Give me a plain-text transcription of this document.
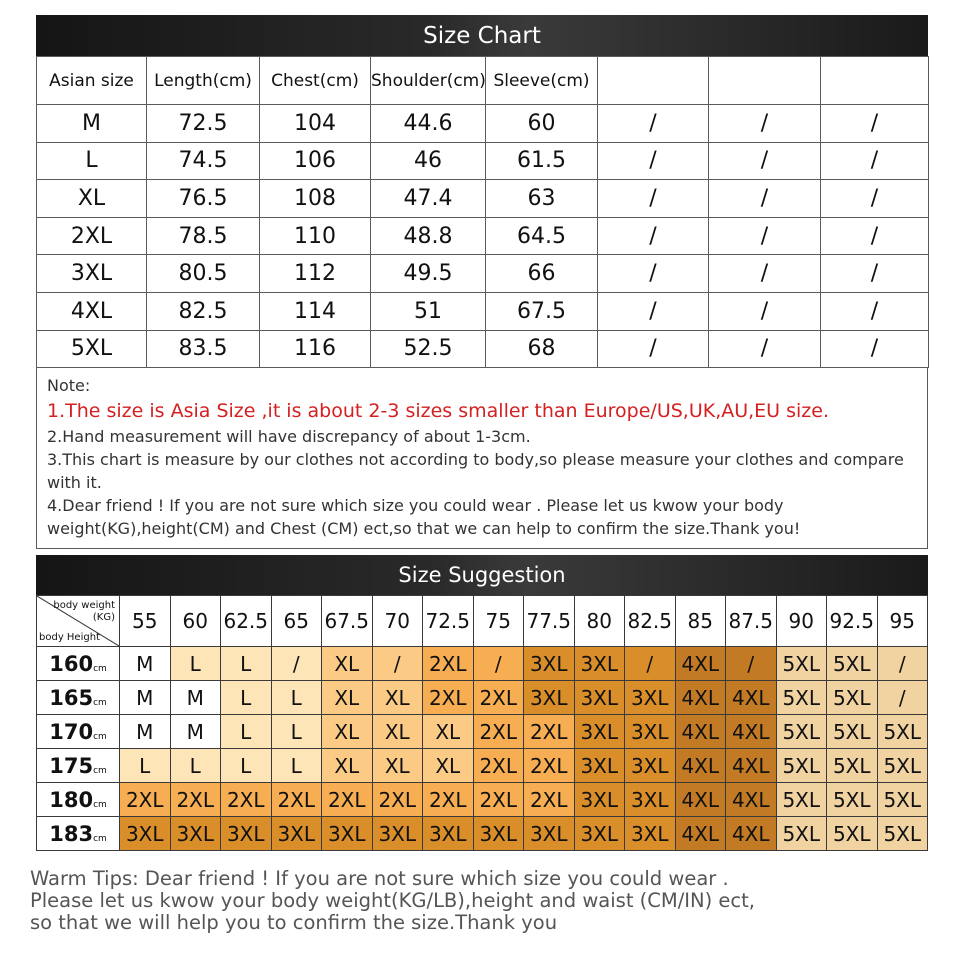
Size Chart
Asian size	Length(cm)	Chest(cm)	Shoulder(cm)	Sleeve(cm)			
M	72.5	104	44.6	60	/	/	/
L	74.5	106	46	61.5	/	/	/
XL	76.5	108	47.4	63	/	/	/
2XL	78.5	110	48.8	64.5	/	/	/
3XL	80.5	112	49.5	66	/	/	/
4XL	82.5	114	51	67.5	/	/	/
5XL	83.5	116	52.5	68	/	/	/
Note:
1.The size is Asia Size ,it is about 2-3 sizes smaller than Europe/US,UK,AU,EU size.
2.Hand measurement will have discrepancy of about 1-3cm.
3.This chart is measure by our clothes not according to body,so please measure your clothes and compare with it.
4.Dear friend ! If you are not sure which size you could wear . Please let us kwow your body weight(KG),height(CM) and Chest (CM) ect,so that we can help to confirm the size.Thank you!
Size Suggestion
body weight
(KG)
body Height	55	60	62.5	65	67.5	70	72.5	75	77.5	80	82.5	85	87.5	90	92.5	95
160cm	M	L	L	/	XL	/	2XL	/	3XL	3XL	/	4XL	/	5XL	5XL	/
165cm	M	M	L	L	XL	XL	2XL	2XL	3XL	3XL	3XL	4XL	4XL	5XL	5XL	/
170cm	M	M	L	L	XL	XL	XL	2XL	2XL	3XL	3XL	4XL	4XL	5XL	5XL	5XL
175cm	L	L	L	L	XL	XL	XL	2XL	2XL	3XL	3XL	4XL	4XL	5XL	5XL	5XL
180cm	2XL	2XL	2XL	2XL	2XL	2XL	2XL	2XL	2XL	3XL	3XL	4XL	4XL	5XL	5XL	5XL
183cm	3XL	3XL	3XL	3XL	3XL	3XL	3XL	3XL	3XL	3XL	3XL	4XL	4XL	5XL	5XL	5XL
Warm Tips: Dear friend ! If you are not sure which size you could wear .
Please let us kwow your body weight(KG/LB),height and waist (CM/IN) ect,
so that we will help you to confirm the size.Thank you
